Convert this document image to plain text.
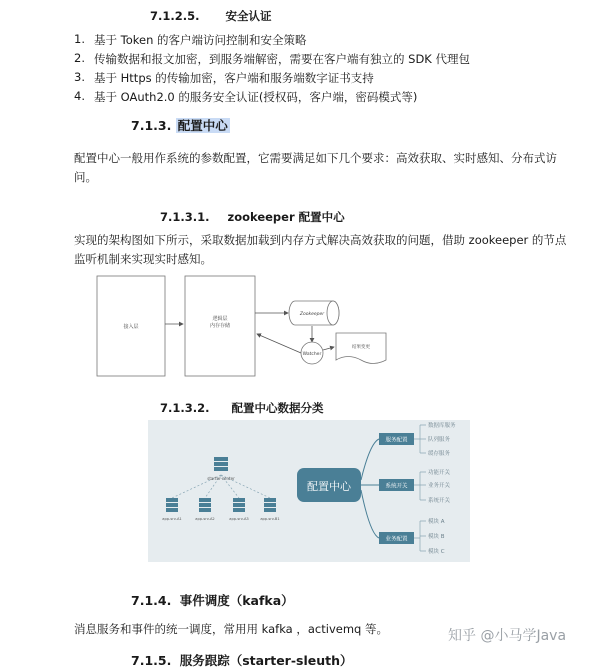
7.1.2.5. 安全认证
1. 基于 Token 的客户端访问控制和安全策略
2. 传输数据和报文加密，到服务端解密，需要在客户端有独立的 SDK 代理包
3. 基于 Https 的传输加密，客户端和服务端数字证书支持
4. 基于 OAuth2.0 的服务安全认证(授权码，客户端，密码模式等)
7.1.3. 配置中心
配置中心一般用作系统的参数配置，它需要满足如下几个要求：高效获取、实时感知、分布式访
问。
7.1.3.1. zookeeper 配置中心
实现的架构图如下所示，采取数据加载到内存方式解决高效获取的问题，借助 zookeeper 的节点
监听机制来实现实时感知。
接入层
逻辑层
内存存储
Zookeeper
Watcher
结果变更
7.1.3.2. 配置中心数据分类
starter-center
app-srv-A1	app-srv-A2	app-srv-A3	app-srv-B1
配置中心
服务配置
系统开关
业务配置
数据库服务
队列服务
缓存服务
功能开关
业务开关
系统开关
模块 A
模块 B
模块 C
7.1.4. 事件调度（kafka）
消息服务和事件的统一调度，常用用 kafka ，activemq 等。	知乎 @小马学Java
7.1.5. 服务跟踪（starter-sleuth）
